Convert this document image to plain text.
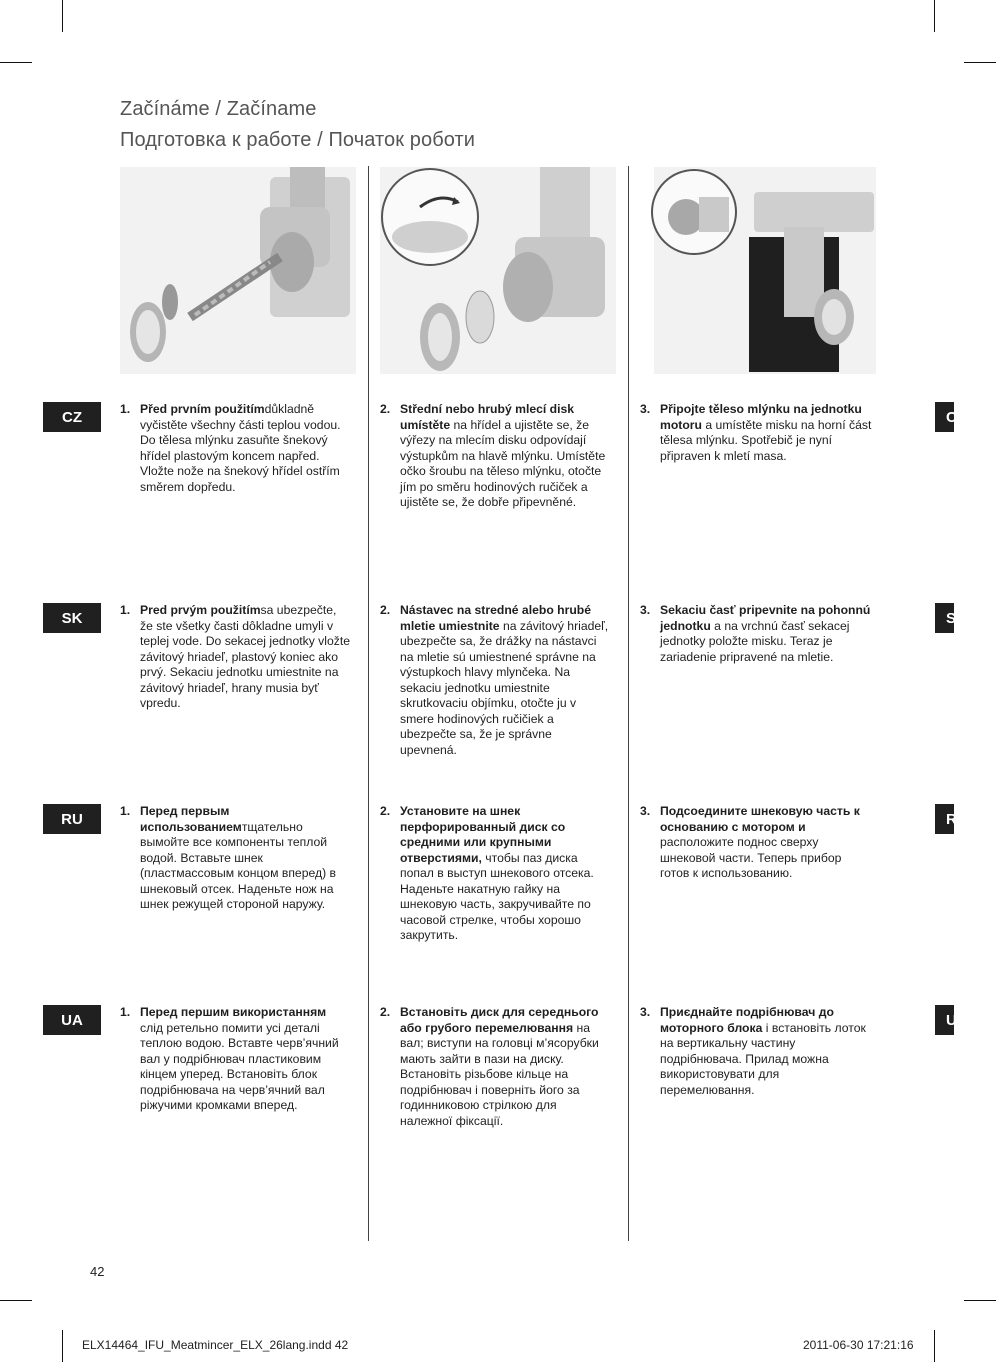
Začínáme / Začíname
Подготовка к работе / Початок роботи
CZ
SK
RU
UA
C
S
R
U
1. Před prvním použitímdůkladně vyčistěte všechny části teplou vodou. Do tělesa mlýnku zasuňte šnekový hřídel plastovým koncem napřed. Vložte nože na šnekový hřídel ostřím směrem dopředu.
2. Střední nebo hrubý mlecí disk umístěte na hřídel a ujistěte se, že výřezy na mlecím disku odpovídají výstupkům na hlavě mlýnku. Umístěte očko šroubu na těleso mlýnku, otočte jím po směru hodinových ručiček a ujistěte se, že dobře připevněné.
3. Připojte těleso mlýnku na jednotku motoru a umístěte misku na horní část tělesa mlýnku. Spotřebič je nyní připraven k mletí masa.
1. Pred prvým použitímsa ubezpečte, že ste všetky časti dôkladne umyli v teplej vode. Do sekacej jednotky vložte závitový hriadeľ, plastový koniec ako prvý. Sekaciu jednotku umiestnite na závitový hriadeľ, hrany musia byť vpredu.
2. Nástavec na stredné alebo hrubé mletie umiestnite na závitový hriadeľ, ubezpečte sa, že drážky na nástavci na mletie sú umiestnené správne na výstupkoch hlavy mlynčeka. Na sekaciu jednotku umiestnite skrutkovaciu objímku, otočte ju v smere hodinových ručičiek a ubezpečte sa, že je správne upevnená.
3. Sekaciu časť pripevnite na pohonnú jednotku a na vrchnú časť sekacej jednotky položte misku. Teraz je zariadenie pripravené na mletie.
1. Перед первым использованиемтщательно вымойте все компоненты теплой водой. Вставьте шнек (пластмассовым концом вперед) в шнековый отсек. Наденьте нож на шнек режущей стороной наружу.
2. Установите на шнек перфорированный диск со средними или крупными отверстиями, чтобы паз диска попал в выступ шнекового отсека. Наденьте накатную гайку на шнековую часть, закручивайте по часовой стрелке, чтобы хорошо закрутить.
3. Подсоедините шнековую часть к основанию с мотором и расположите поднос сверху шнековой части. Теперь прибор готов к использованию.
1. Перед першим використанням слід ретельно помити усі деталі теплою водою. Вставте черв’ячний вал у подрібнювач пластиковим кінцем уперед. Встановіть блок подрібнювача на черв’ячний вал ріжучими кромками вперед.
2. Встановіть диск для середнього або грубого перемелювання на вал; виступи на головці м’ясорубки мають зайти в пази на диску. Встановіть різьбове кільце на подрібнювач і поверніть його за годинниковою стрілкою для належної фіксації.
3. Приєднайте подрібнювач до моторного блока і встановіть лоток на вертикальну частину подрібнювача. Прилад можна використовувати для перемелювання.
42
ELX14464_IFU_Meatmincer_ELX_26lang.indd 42	2011-06-30 17:21:16
